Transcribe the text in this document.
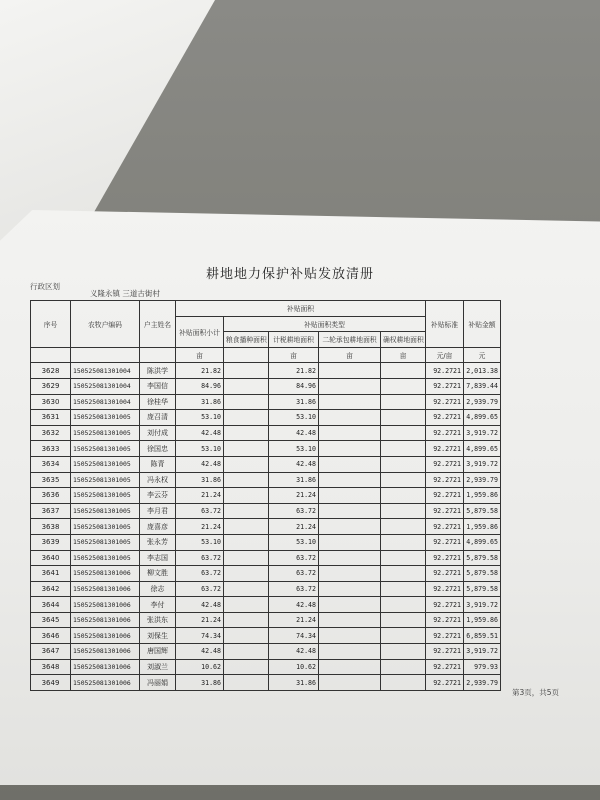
耕地地力保护补贴发放清册
行政区划
义隆永镇 三道古街村
序号	农牧户编码	户主姓名	补贴面积					补贴标准	补贴金额
			补贴面积小计	补贴面积类型					
				粮食播种面积	计税耕地面积	二轮承包耕地面积	确权耕地面积		
			亩		亩	亩	亩	元/亩	元
3628	150525081301004	陈洪学	21.82		21.82			92.2721	2,013.38
3629	150525081301004	李国信	84.96		84.96			92.2721	7,839.44
3630	150525081301004	徐桂华	31.86		31.86			92.2721	2,939.79
3631	150525081301005	庞召清	53.10		53.10			92.2721	4,899.65
3632	150525081301005	刘付成	42.48		42.48			92.2721	3,919.72
3633	150525081301005	徐国忠	53.10		53.10			92.2721	4,899.65
3634	150525081301005	陈青	42.48		42.48			92.2721	3,919.72
3635	150525081301005	冯永权	31.86		31.86			92.2721	2,939.79
3636	150525081301005	李云芬	21.24		21.24			92.2721	1,959.86
3637	150525081301005	李月君	63.72		63.72			92.2721	5,879.58
3638	150525081301005	庞喜彦	21.24		21.24			92.2721	1,959.86
3639	150525081301005	张永芳	53.10		53.10			92.2721	4,899.65
3640	150525081301005	李志国	63.72		63.72			92.2721	5,879.58
3641	150525081301006	柳文胜	63.72		63.72			92.2721	5,879.58
3642	150525081301006	徐志	63.72		63.72			92.2721	5,879.58
3644	150525081301006	李付	42.48		42.48			92.2721	3,919.72
3645	150525081301006	张洪东	21.24		21.24			92.2721	1,959.86
3646	150525081301006	刘保生	74.34		74.34			92.2721	6,859.51
3647	150525081301006	唐国辉	42.48		42.48			92.2721	3,919.72
3648	150525081301006	刘淑兰	10.62		10.62			92.2721	979.93
3649	150525081301006	冯丽娟	31.86		31.86			92.2721	2,939.79
第3页，共5页
